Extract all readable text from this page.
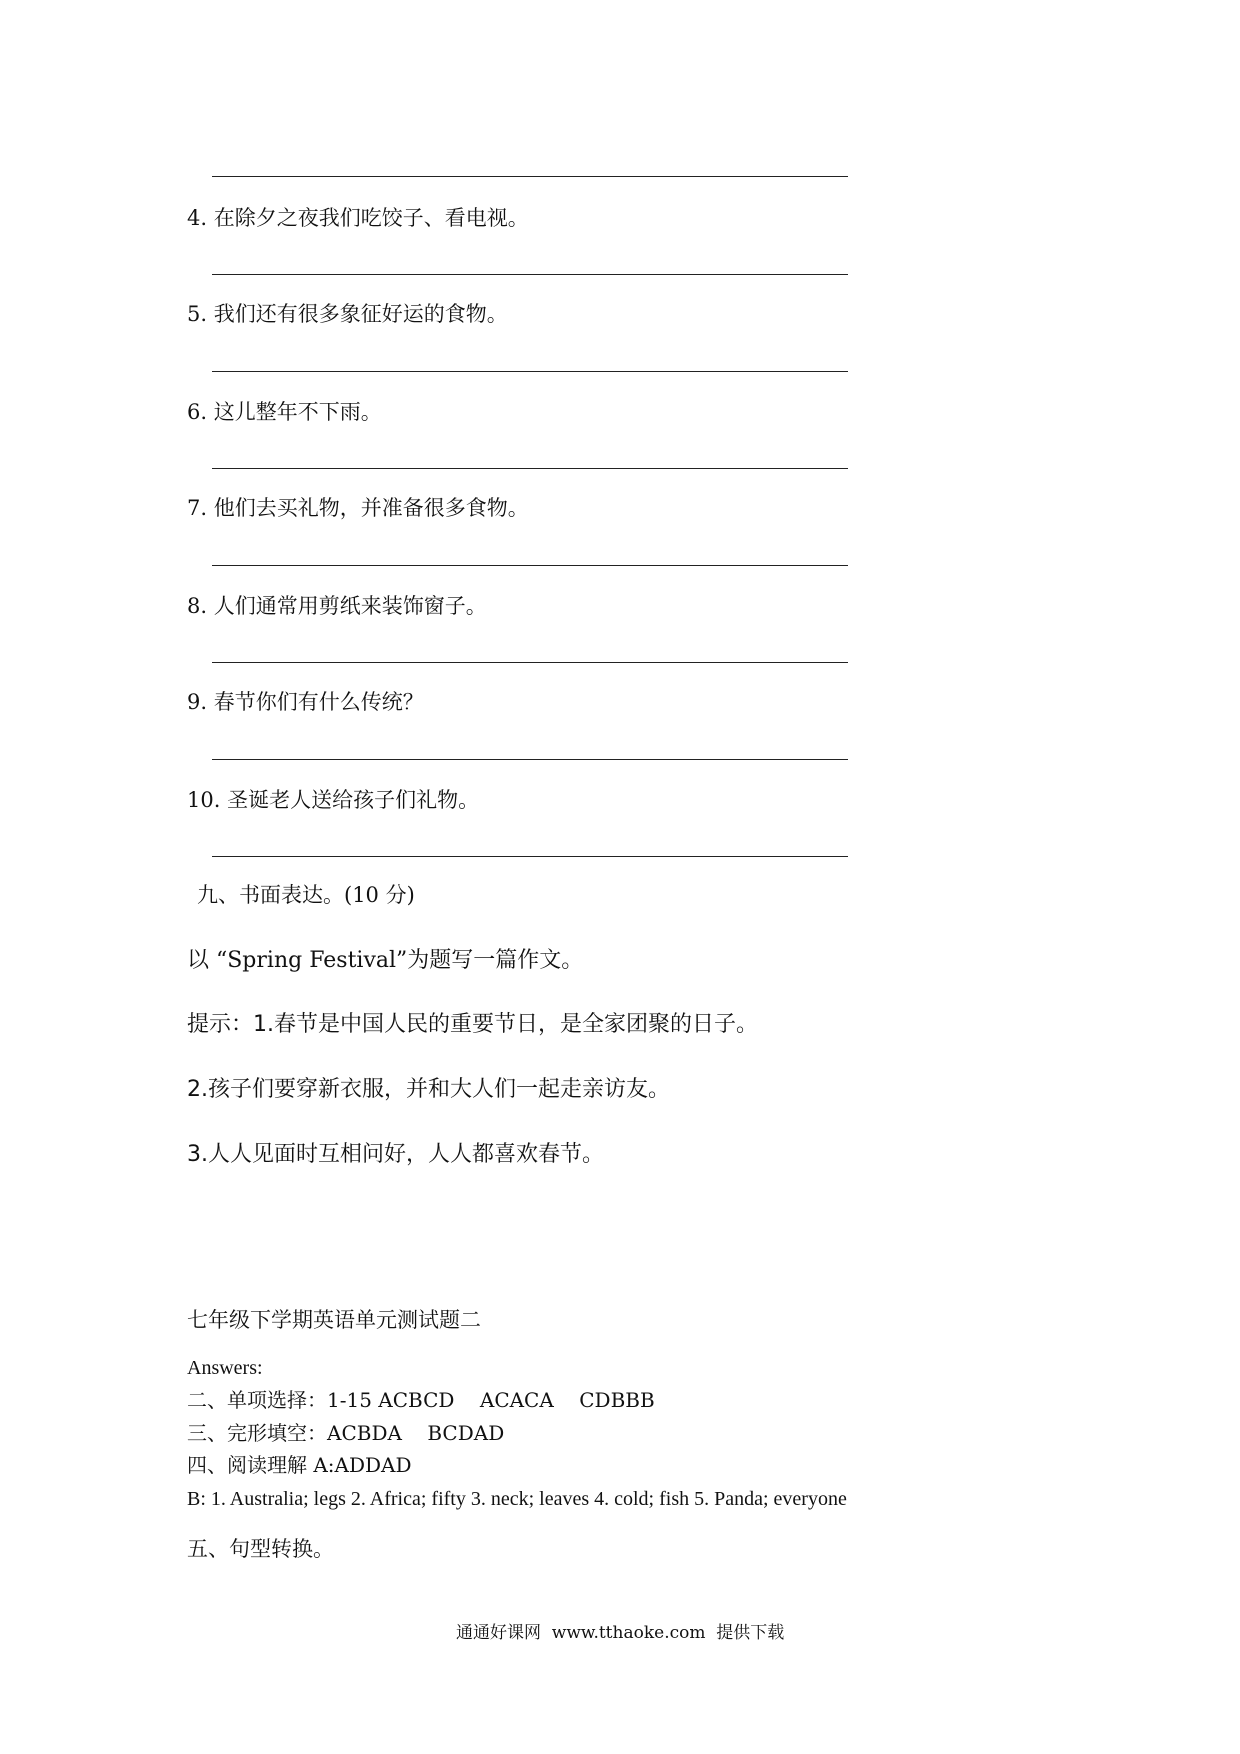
4. 在除夕之夜我们吃饺子、看电视。
5. 我们还有很多象征好运的食物。
6. 这儿整年不下雨。
7. 他们去买礼物，并准备很多食物。
8. 人们通常用剪纸来装饰窗子。
9. 春节你们有什么传统？
10. 圣诞老人送给孩子们礼物。
九、书面表达。(10 分)
以 “Spring Festival”为题写一篇作文。
提示：1.春节是中国人民的重要节日，是全家团聚的日子。
2.孩子们要穿新衣服，并和大人们一起走亲访友。
3.人人见面时互相问好，人人都喜欢春节。
七年级下学期英语单元测试题二
Answers:
二、单项选择：1-15 ACBCD    ACACA    CDBBB
三、完形填空：ACBDA    BCDAD
四、阅读理解 A:ADDAD
B: 1. Australia; legs 2. Africa; fifty 3. neck; leaves 4. cold; fish 5. Panda; everyone
五、句型转换。
通通好课网  www.tthaoke.com  提供下载
